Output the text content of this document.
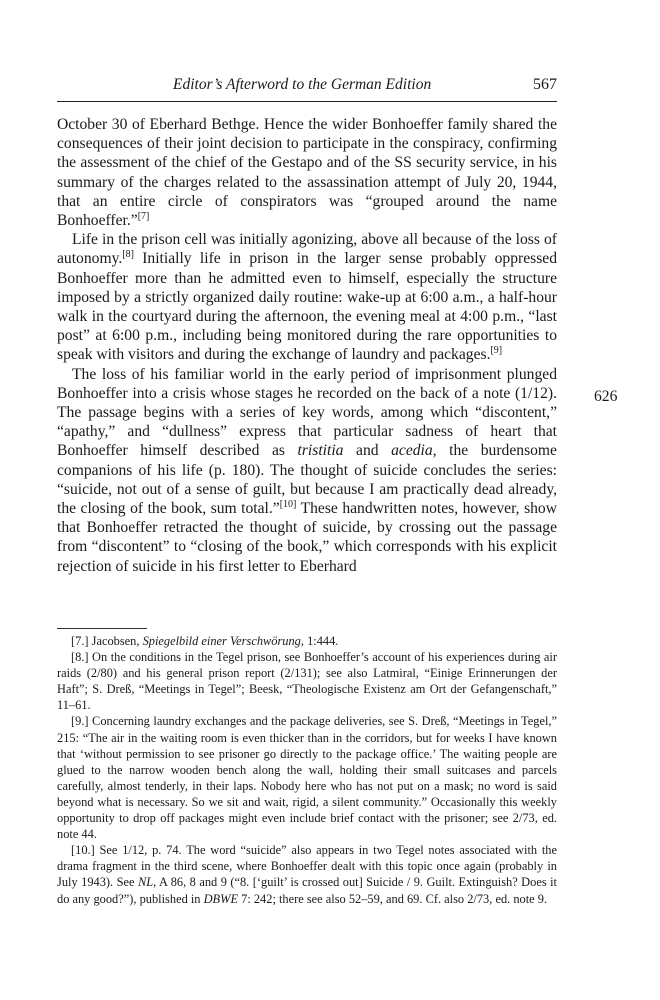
Editor’s Afterword to the German Edition	567

October 30 of Eberhard Bethge. Hence the wider Bonhoeffer family shared the consequences of their joint decision to participate in the conspiracy, confirming the assessment of the chief of the Gestapo and of the SS security service, in his summary of the charges related to the assassination attempt of July 20, 1944, that an entire circle of conspirators was “grouped around the name Bonhoeffer.”[7]

Life in the prison cell was initially agonizing, above all because of the loss of autonomy.[8] Initially life in prison in the larger sense probably oppressed Bonhoeffer more than he admitted even to himself, especially the structure imposed by a strictly organized daily routine: wake-up at 6:00 a.m., a half-hour walk in the courtyard during the afternoon, the evening meal at 4:00 p.m., “last post” at 6:00 p.m., including being monitored during the rare opportunities to speak with visitors and during the exchange of laundry and packages.[9]

The loss of his familiar world in the early period of imprisonment plunged Bonhoeffer into a crisis whose stages he recorded on the back of a note (1/12). The passage begins with a series of key words, among which “discontent,” “apathy,” and “dullness” express that particular sadness of heart that Bonhoeffer himself described as tristitia and acedia, the burdensome companions of his life (p. 180). The thought of suicide concludes the series: “suicide, not out of a sense of guilt, but because I am practically dead already, the closing of the book, sum total.”[10] These handwritten notes, however, show that Bonhoeffer retracted the thought of suicide, by crossing out the passage from “discontent” to “closing of the book,” which corresponds with his explicit rejection of suicide in his first letter to Eberhard

[7.] Jacobsen, Spiegelbild einer Verschwörung, 1:444.

[8.] On the conditions in the Tegel prison, see Bonhoeffer’s account of his experiences during air raids (2/80) and his general prison report (2/131); see also Latmiral, “Einige Erinnerungen der Haft”; S. Dreß, “Meetings in Tegel”; Beesk, “Theologische Existenz am Ort der Gefangenschaft,” 11–61.

[9.] Concerning laundry exchanges and the package deliveries, see S. Dreß, “Meetings in Tegel,” 215: “The air in the waiting room is even thicker than in the corridors, but for weeks I have known that ‘without permission to see prisoner go directly to the package office.’ The waiting people are glued to the narrow wooden bench along the wall, holding their small suitcases and parcels carefully, almost tenderly, in their laps. Nobody here who has not put on a mask; no word is said beyond what is necessary. So we sit and wait, rigid, a silent community.” Occasionally this weekly opportunity to drop off packages might even include brief contact with the prisoner; see 2/73, ed. note 44.

[10.] See 1/12, p. 74. The word “suicide” also appears in two Tegel notes associated with the drama fragment in the third scene, where Bonhoeffer dealt with this topic once again (probably in July 1943). See NL, A 86, 8 and 9 (“8. [‘guilt’ is crossed out] Suicide / 9. Guilt. Extinguish? Does it do any good?”), published in DBWE 7: 242; there see also 52–59, and 69. Cf. also 2/73, ed. note 9.

626
